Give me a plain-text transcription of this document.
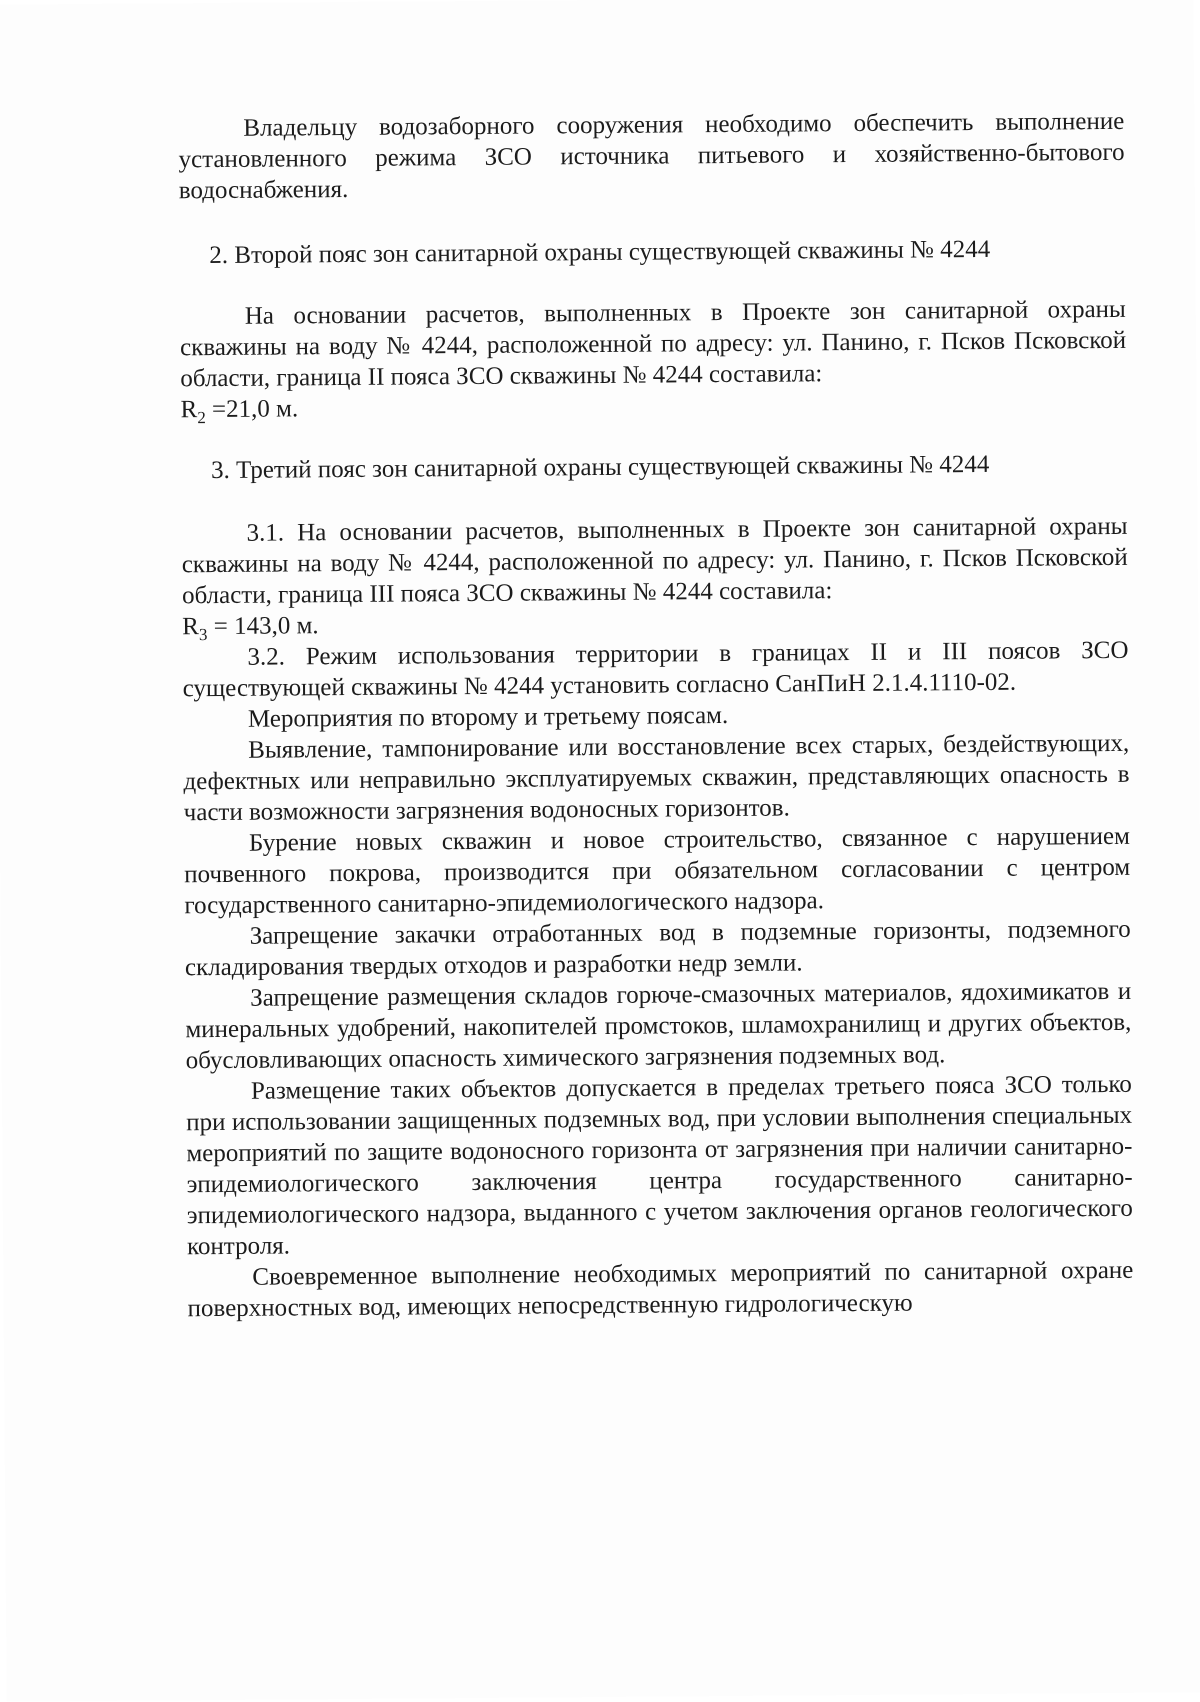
Владельцу водозаборного сооружения необходимо обеспечить выполнение установленного режима ЗСО источника питьевого и хозяйственно-бытового водоснабжения.

2. Второй пояс зон санитарной охраны существующей скважины № 4244

На основании расчетов, выполненных в Проекте зон санитарной охраны скважины на воду № 4244, расположенной по адресу: ул. Панино, г. Псков Псковской области, граница II пояса ЗСО скважины № 4244 составила:

$R_2 =21,0$ м.

3. Третий пояс зон санитарной охраны существующей скважины № 4244

3.1. На основании расчетов, выполненных в Проекте зон санитарной охраны скважины на воду № 4244, расположенной по адресу: ул. Панино, г. Псков Псковской области, граница III пояса ЗСО скважины № 4244 составила:

$R_3 = 143,0$ м.

3.2. Режим использования территории в границах II и III поясов ЗСО существующей скважины № 4244 установить согласно СанПиН 2.1.4.1110-02.

Мероприятия по второму и третьему поясам.

Выявление, тампонирование или восстановление всех старых, бездействующих, дефектных или неправильно эксплуатируемых скважин, представляющих опасность в части возможности загрязнения водоносных горизонтов.

Бурение новых скважин и новое строительство, связанное с нарушением почвенного покрова, производится при обязательном согласовании с центром государственного санитарно-эпидемиологического надзора.

Запрещение закачки отработанных вод в подземные горизонты, подземного складирования твердых отходов и разработки недр земли.

Запрещение размещения складов горюче-смазочных материалов, ядохимикатов и минеральных удобрений, накопителей промстоков, шламохранилищ и других объектов, обусловливающих опасность химического загрязнения подземных вод.

Размещение таких объектов допускается в пределах третьего пояса ЗСО только при использовании защищенных подземных вод, при условии выполнения специальных мероприятий по защите водоносного горизонта от загрязнения при наличии санитарно-эпидемиологического заключения центра государственного санитарно-эпидемиологического надзора, выданного с учетом заключения органов геологического контроля.

Своевременное выполнение необходимых мероприятий по санитарной охране поверхностных вод, имеющих непосредственную гидрологическую
